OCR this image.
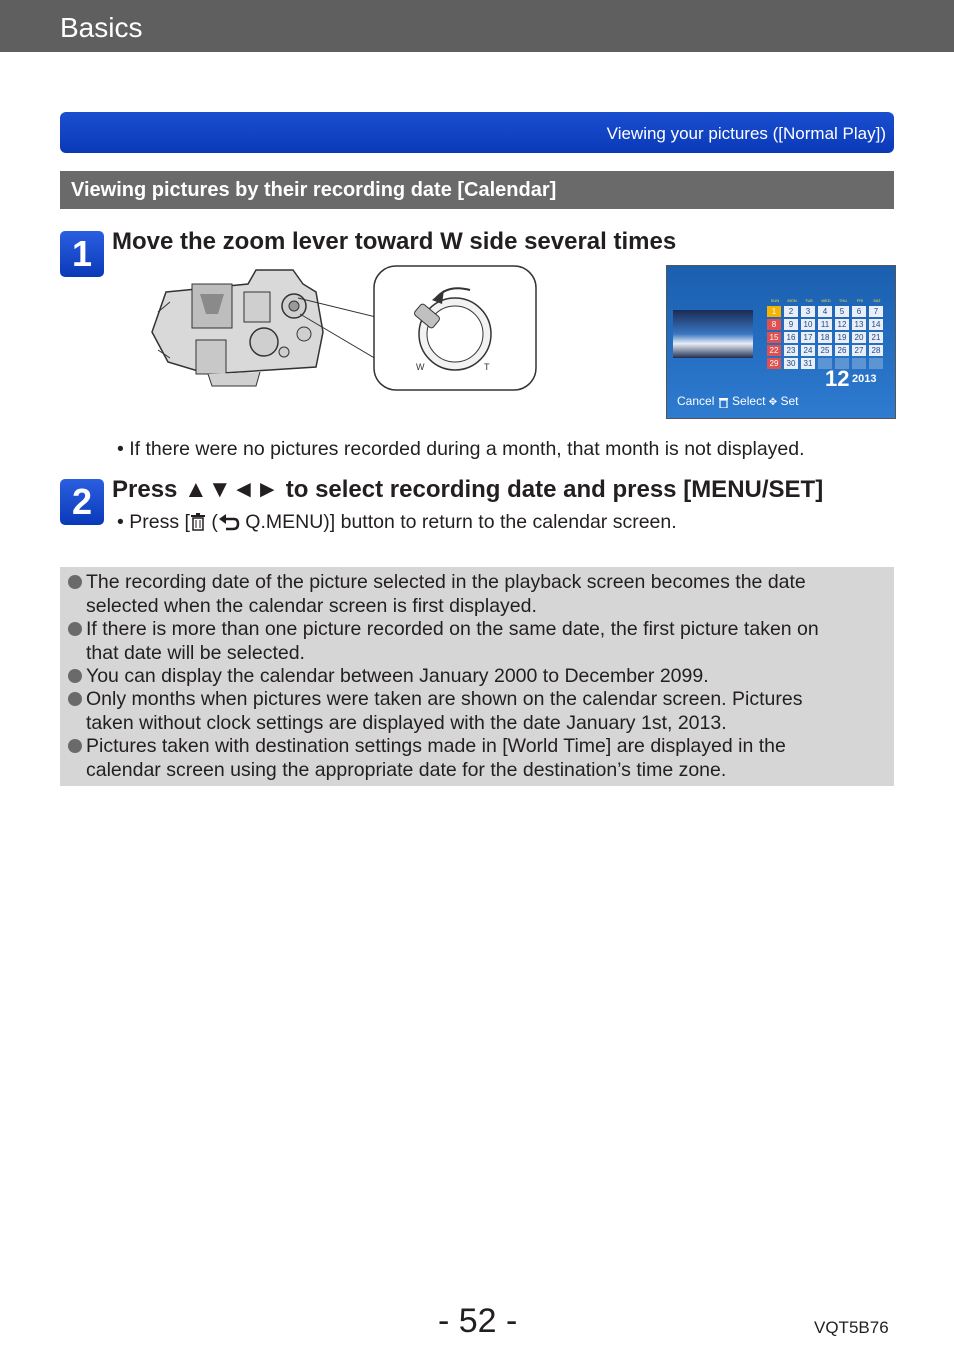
Basics
Viewing your pictures ([Normal Play])
Viewing pictures by their recording date [Calendar]
1 Move the zoom lever toward W side several times
W	T
SUN	MON	TUE	WED	THU	FRI	SAT
1	2	3	4	5	6	7
8	9	10	11	12	13	14
15	16	17	18	19	20	21
22	23	24	25	26	27	28
29	30	31
12 2013
Cancel Select ✥ Set
• If there were no pictures recorded during a month, that month is not displayed.
2 Press ▲▼◄► to select recording date and press [MENU/SET]
• Press [ ( Q.MENU)] button to return to the calendar screen.
The recording date of the picture selected in the playback screen becomes the date
selected when the calendar screen is first displayed.
If there is more than one picture recorded on the same date, the first picture taken on
that date will be selected.
You can display the calendar between January 2000 to December 2099.
Only months when pictures were taken are shown on the calendar screen. Pictures
taken without clock settings are displayed with the date January 1st, 2013.
Pictures taken with destination settings made in [World Time] are displayed in the
calendar screen using the appropriate date for the destination’s time zone.
- 52 -	VQT5B76
